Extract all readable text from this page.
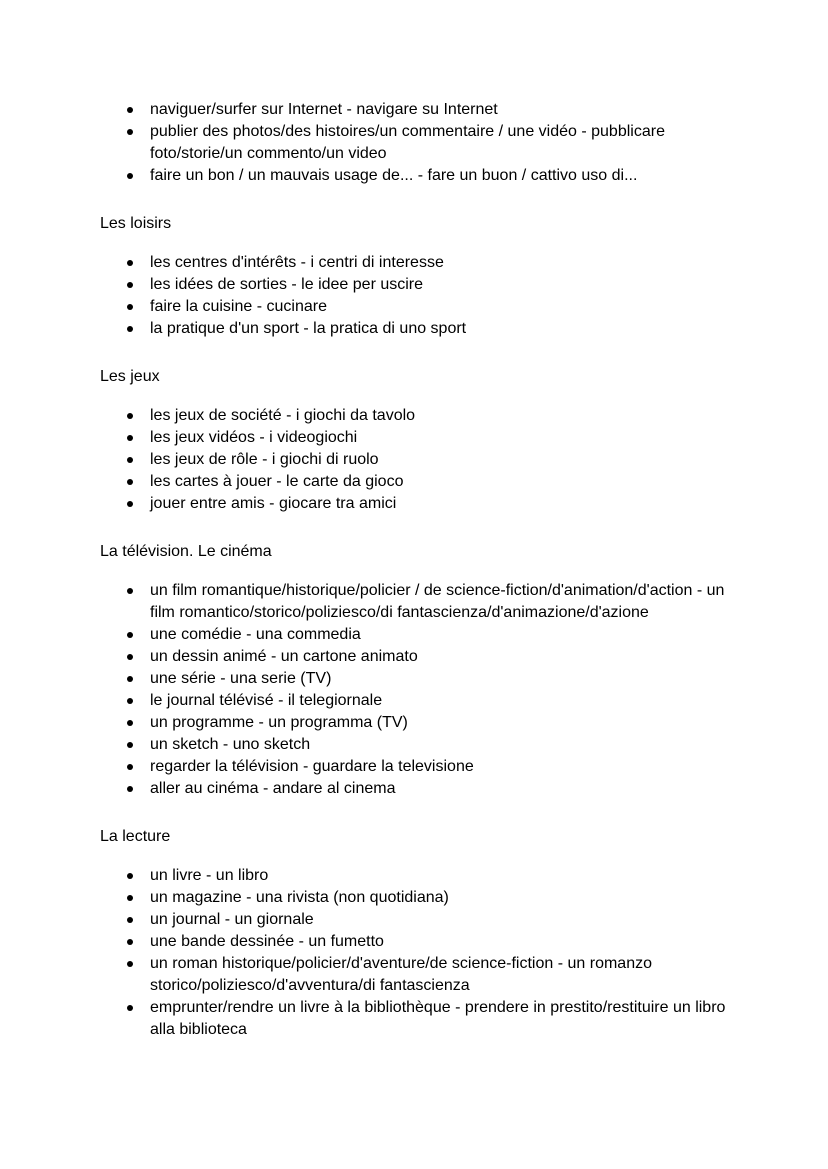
naviguer/surfer sur Internet - navigare su Internet
publier des photos/des histoires/un commentaire / une vidéo - pubblicare foto/storie/un commento/un video
faire un bon / un mauvais usage de... - fare un buon / cattivo uso di...

Les loisirs

les centres d'intérêts - i centri di interesse
les idées de sorties - le idee per uscire
faire la cuisine - cucinare
la pratique d'un sport - la pratica di uno sport

Les jeux

les jeux de société - i giochi da tavolo
les jeux vidéos - i videogiochi
les jeux de rôle - i giochi di ruolo
les cartes à jouer - le carte da gioco
jouer entre amis - giocare tra amici

La télévision. Le cinéma

un film romantique/historique/policier / de science-fiction/d'animation/d'action - un film romantico/storico/poliziesco/di fantascienza/d'animazione/d'azione
une comédie - una commedia
un dessin animé - un cartone animato
une série - una serie (TV)
le journal télévisé - il telegiornale
un programme - un programma (TV)
un sketch - uno sketch
regarder la télévision - guardare la televisione
aller au cinéma - andare al cinema

La lecture

un livre - un libro
un magazine - una rivista (non quotidiana)
un journal - un giornale
une bande dessinée - un fumetto
un roman historique/policier/d'aventure/de science-fiction - un romanzo storico/poliziesco/d'avventura/di fantascienza
emprunter/rendre un livre à la bibliothèque - prendere in prestito/restituire un libro alla biblioteca
